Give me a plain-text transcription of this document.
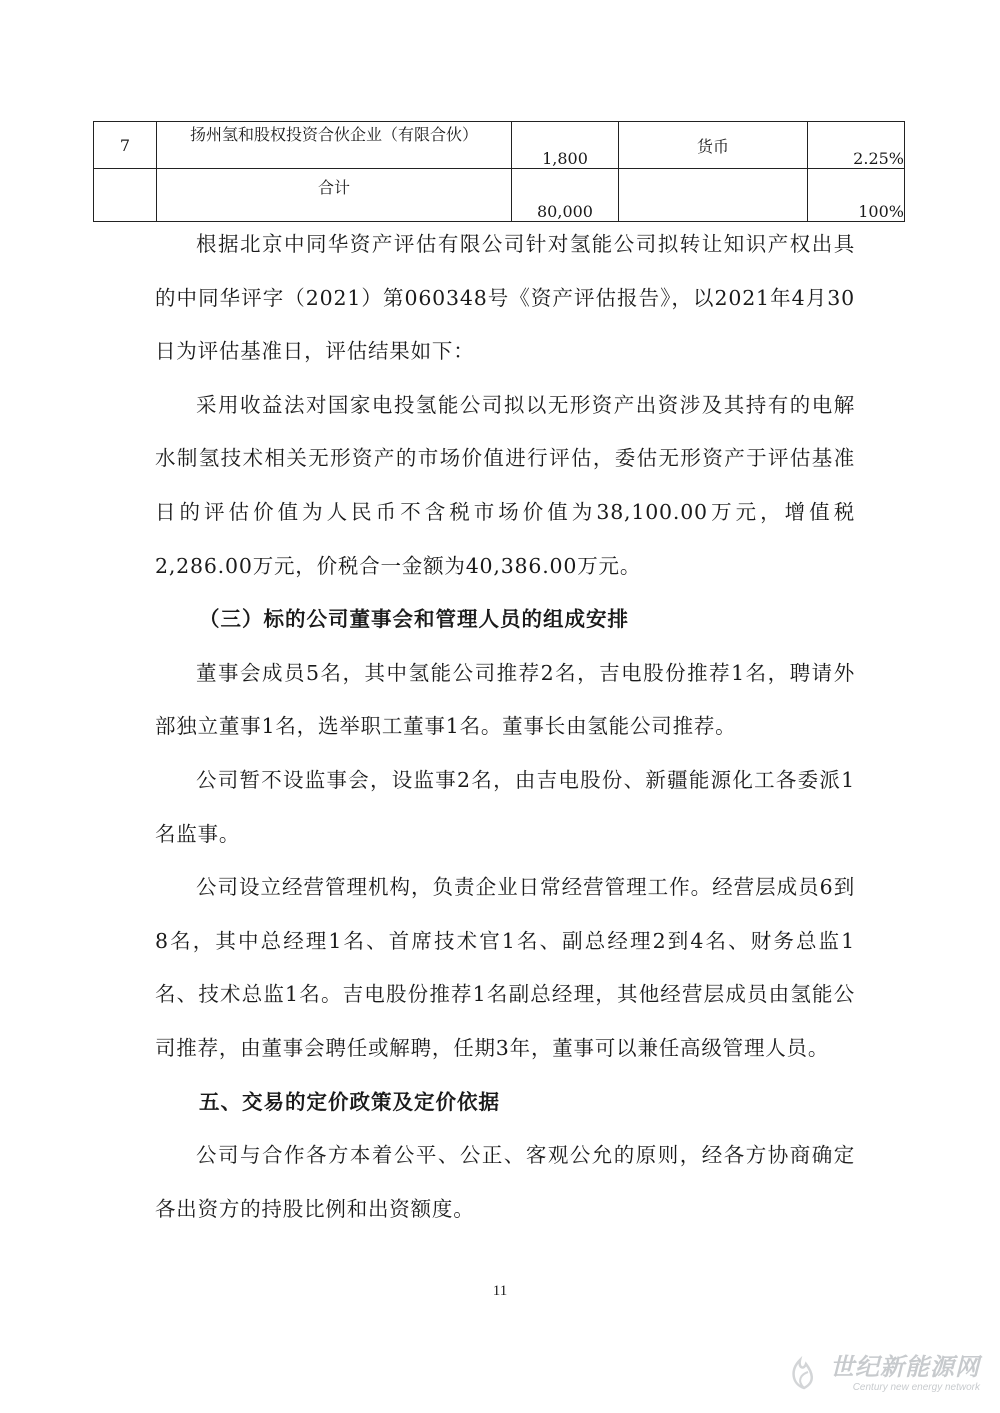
7	扬州氢和股权投资合伙企业（有限合伙）	1,800	货币	2.25%
	合计	80,000		100%

根据北京中同华资产评估有限公司针对氢能公司拟转让知识产权出具的中同华评字（2021）第060348号《资产评估报告》，以2021年4月30日为评估基准日，评估结果如下：

采用收益法对国家电投氢能公司拟以无形资产出资涉及其持有的电解水制氢技术相关无形资产的市场价值进行评估，委估无形资产于评估基准日的评估价值为人民币不含税市场价值为38,100.00万元，增值税2,286.00万元，价税合一金额为40,386.00万元。

（三）标的公司董事会和管理人员的组成安排

董事会成员5名，其中氢能公司推荐2名，吉电股份推荐1名，聘请外部独立董事1名，选举职工董事1名。董事长由氢能公司推荐。

公司暂不设监事会，设监事2名，由吉电股份、新疆能源化工各委派1名监事。

公司设立经营管理机构，负责企业日常经营管理工作。经营层成员6到8名，其中总经理1名、首席技术官1名、副总经理2到4名、财务总监1名、技术总监1名。吉电股份推荐1名副总经理，其他经营层成员由氢能公司推荐，由董事会聘任或解聘，任期3年，董事可以兼任高级管理人员。

五、交易的定价政策及定价依据

公司与合作各方本着公平、公正、客观公允的原则，经各方协商确定各出资方的持股比例和出资额度。

11
世纪新能源网
Century new energy network
